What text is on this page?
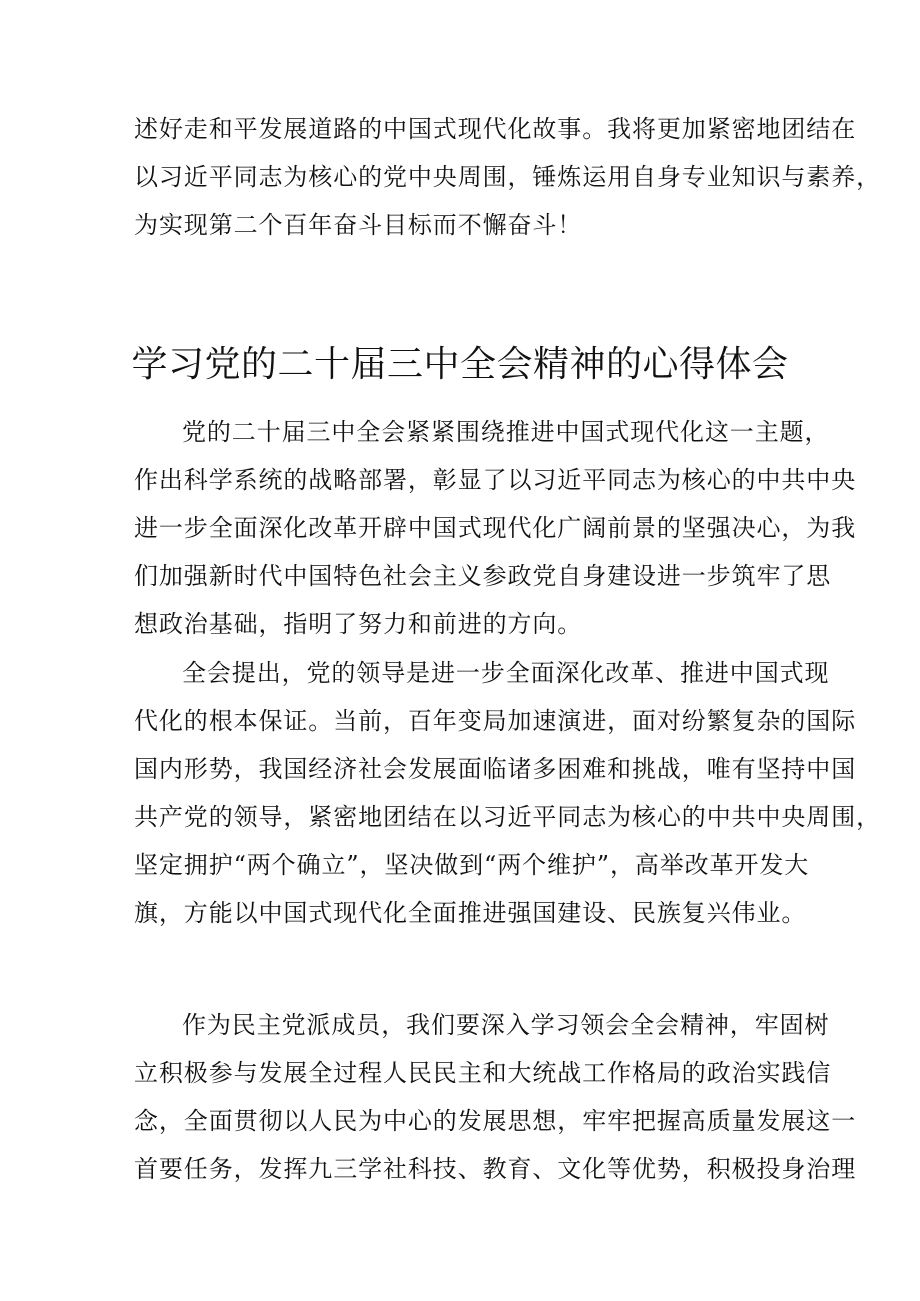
述好走和平发展道路的中国式现代化故事。我将更加紧密地团结在
以习近平同志为核心的党中央周围，锤炼运用自身专业知识与素养，
为实现第二个百年奋斗目标而不懈奋斗！
学习党的二十届三中全会精神的心得体会
党的二十届三中全会紧紧围绕推进中国式现代化这一主题，
作出科学系统的战略部署，彰显了以习近平同志为核心的中共中央
进一步全面深化改革开辟中国式现代化广阔前景的坚强决心，为我
们加强新时代中国特色社会主义参政党自身建设进一步筑牢了思
想政治基础，指明了努力和前进的方向。
全会提出，党的领导是进一步全面深化改革、推进中国式现
代化的根本保证。当前，百年变局加速演进，面对纷繁复杂的国际
国内形势，我国经济社会发展面临诸多困难和挑战，唯有坚持中国
共产党的领导，紧密地团结在以习近平同志为核心的中共中央周围，
坚定拥护“两个确立”，坚决做到“两个维护”，高举改革开发大
旗，方能以中国式现代化全面推进强国建设、民族复兴伟业。
作为民主党派成员，我们要深入学习领会全会精神，牢固树
立积极参与发展全过程人民民主和大统战工作格局的政治实践信
念，全面贯彻以人民为中心的发展思想，牢牢把握高质量发展这一
首要任务，发挥九三学社科技、教育、文化等优势，积极投身治理
